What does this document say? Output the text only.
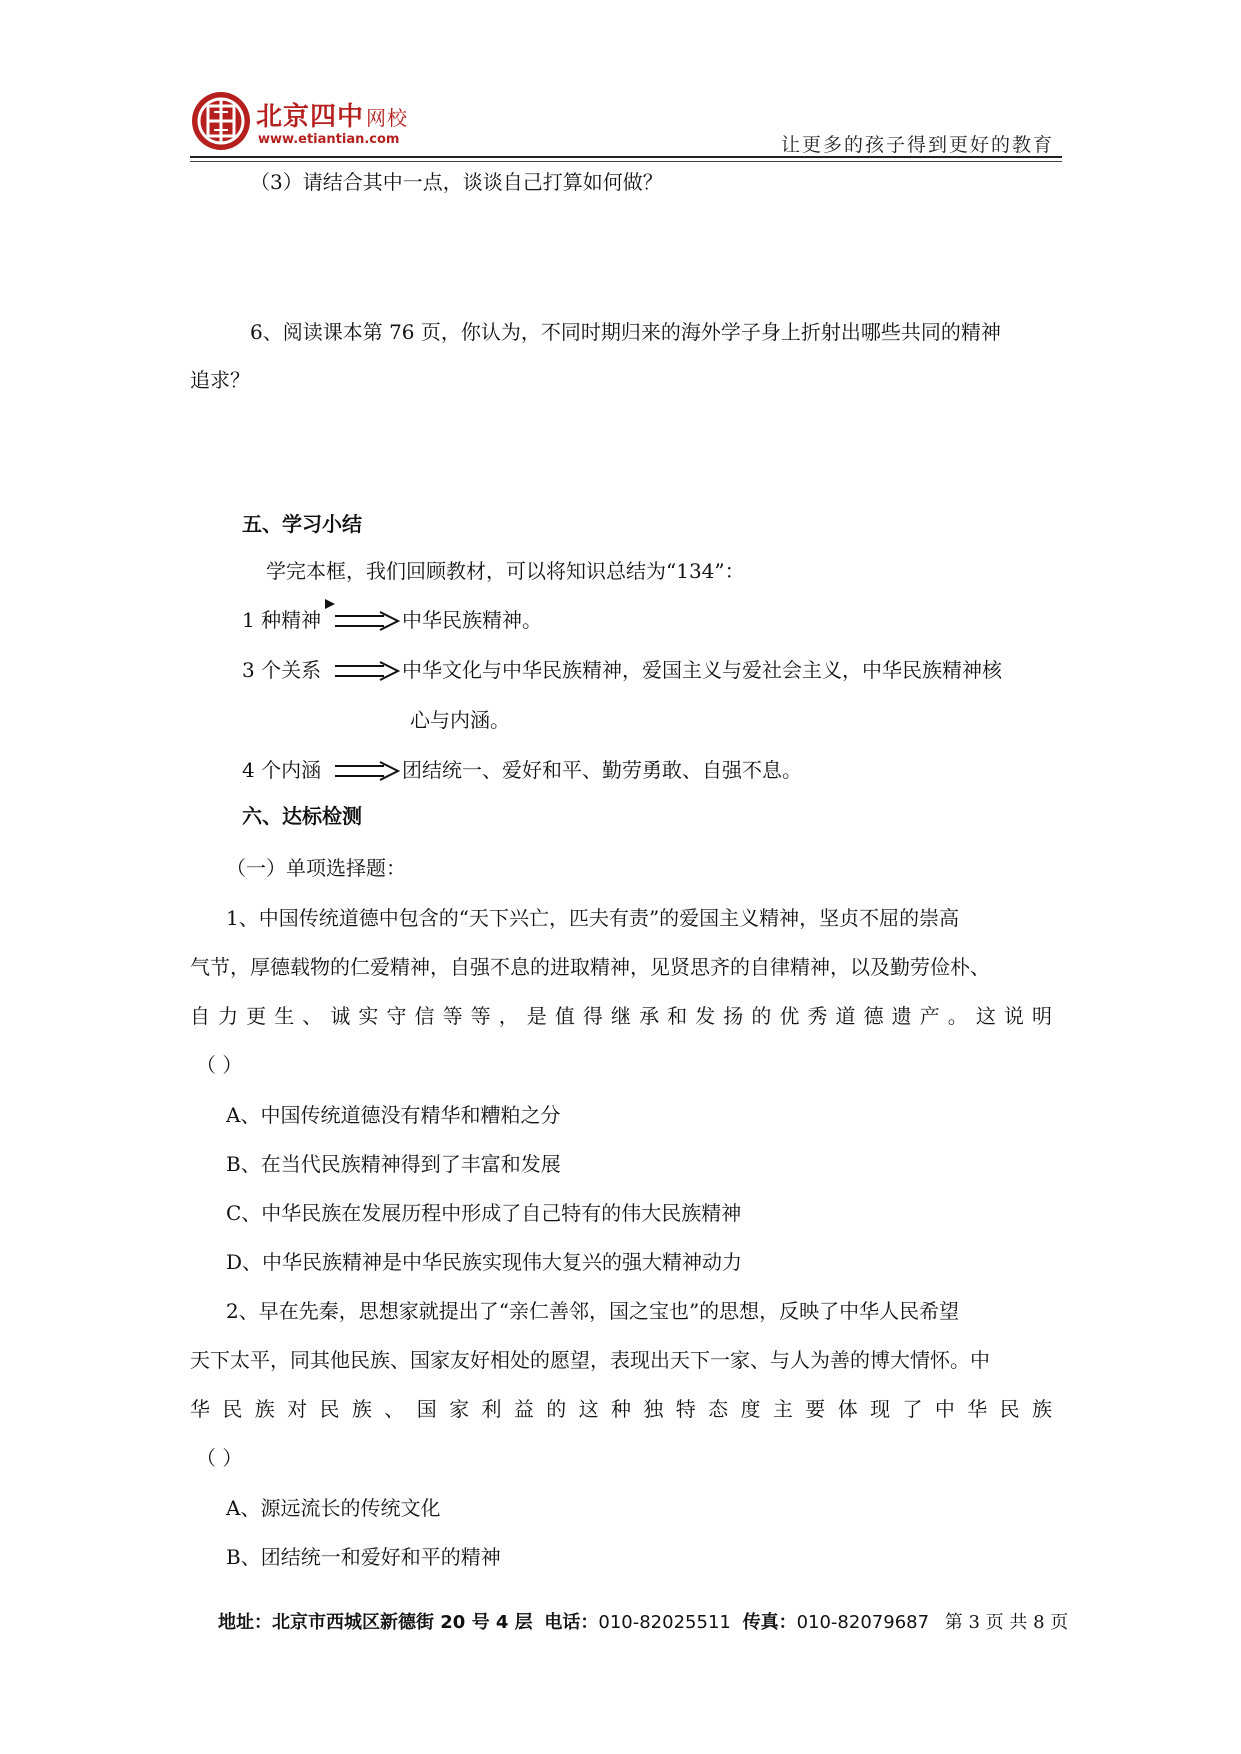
北京四中 网校
www.etiantian.com	让更多的孩子得到更好的教育
（3）请结合其中一点，谈谈自己打算如何做？
6、阅读课本第 76 页，你认为，不同时期归来的海外学子身上折射出哪些共同的精神
追求？
五、学习小结
学完本框，我们回顾教材，可以将知识总结为“134”：
1 种精神	中华民族精神。
3 个关系	中华文化与中华民族精神，爱国主义与爱社会主义，中华民族精神核
心与内涵。
4 个内涵	团结统一、爱好和平、勤劳勇敢、自强不息。
六、达标检测
（一）单项选择题：
1、中国传统道德中包含的“天下兴亡，匹夫有责”的爱国主义精神，坚贞不屈的崇高
气节，厚德载物的仁爱精神，自强不息的进取精神，见贤思齐的自律精神，以及勤劳俭朴、
自力更生、诚实守信等等，是值得继承和发扬的优秀道德遗产。这说明
（ ）
A、中国传统道德没有精华和糟粕之分
B、在当代民族精神得到了丰富和发展
C、中华民族在发展历程中形成了自己特有的伟大民族精神
D、中华民族精神是中华民族实现伟大复兴的强大精神动力
2、早在先秦，思想家就提出了“亲仁善邻，国之宝也”的思想，反映了中华人民希望
天下太平，同其他民族、国家友好相处的愿望，表现出天下一家、与人为善的博大情怀。中
华民族对民族、国家利益的这种独特态度主要体现了中华民族
（ ）
A、源远流长的传统文化
B、团结统一和爱好和平的精神
地址：北京市西城区新德街 20 号 4 层 电话：010-82025511 传真：010-82079687 第 3 页 共 8 页
